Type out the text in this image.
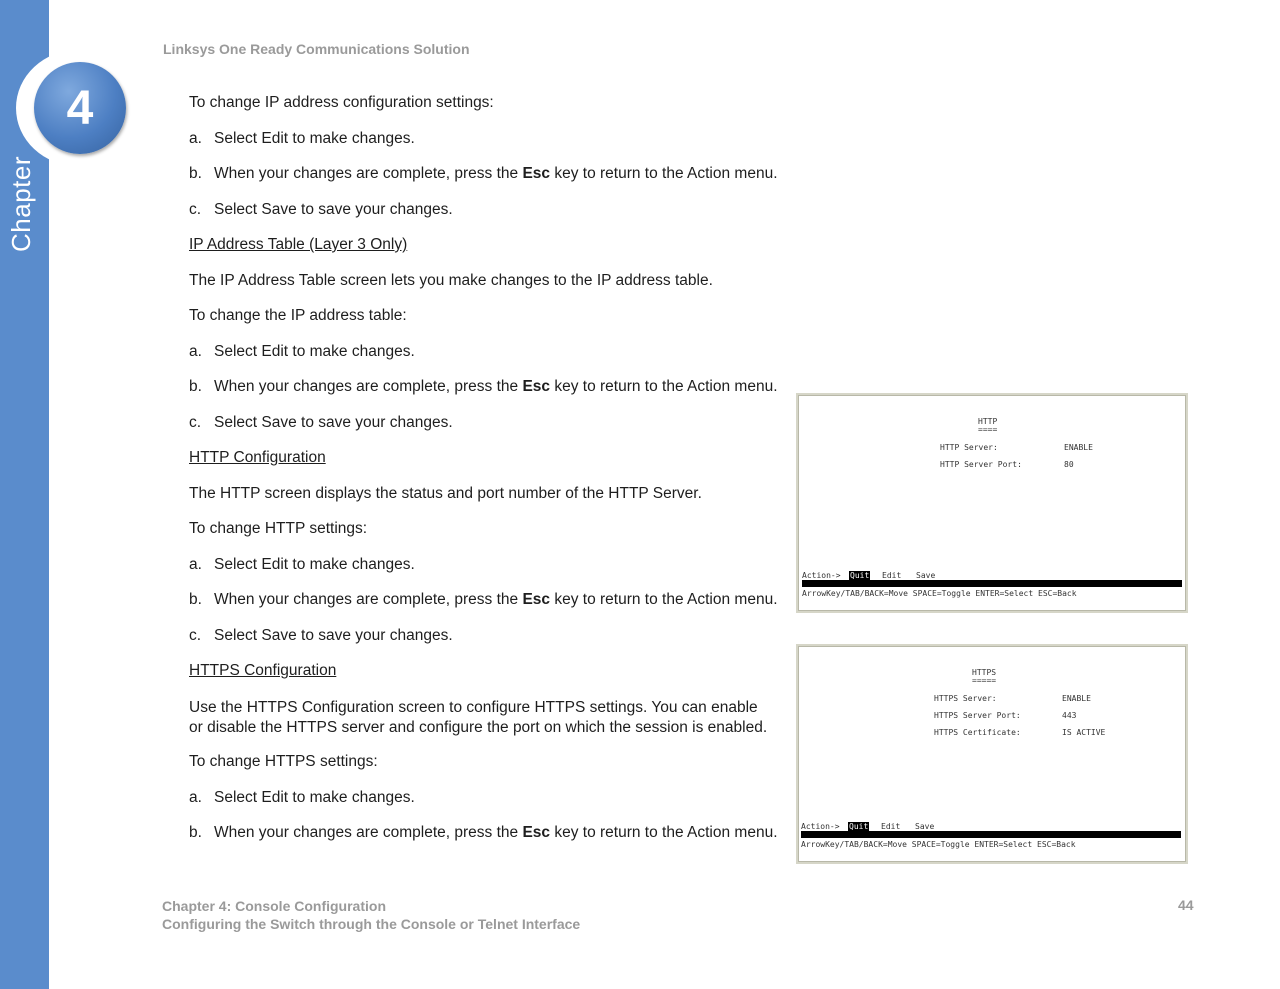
Chapter
4
Linksys One Ready Communications Solution
To change IP address configuration settings:
a. Select Edit to make changes.
b. When your changes are complete, press the Esc key to return to the Action menu.
c. Select Save to save your changes.
IP Address Table (Layer 3 Only)
The IP Address Table screen lets you make changes to the IP address table.
To change the IP address table:
a. Select Edit to make changes.
b. When your changes are complete, press the Esc key to return to the Action menu.
c. Select Save to save your changes.
HTTP Configuration
The HTTP screen displays the status and port number of the HTTP Server.
To change HTTP settings:
a. Select Edit to make changes.
b. When your changes are complete, press the Esc key to return to the Action menu.
c. Select Save to save your changes.
HTTPS Configuration
Use the HTTPS Configuration screen to configure HTTPS settings. You can enable or disable the HTTPS server and configure the port on which the session is enabled.
To change HTTPS settings:
a. Select Edit to make changes.
b. When your changes are complete, press the Esc key to return to the Action menu.
HTTP
====
HTTP Server:	ENABLE
HTTP Server Port:	80
Action-> Quit Edit Save
ArrowKey/TAB/BACK=Move SPACE=Toggle ENTER=Select ESC=Back
HTTPS
=====
HTTPS Server:	ENABLE
HTTPS Server Port:	443
HTTPS Certificate:	IS ACTIVE
Action-> Quit Edit Save
ArrowKey/TAB/BACK=Move SPACE=Toggle ENTER=Select ESC=Back
Chapter 4: Console Configuration
Configuring the Switch through the Console or Telnet Interface
44
